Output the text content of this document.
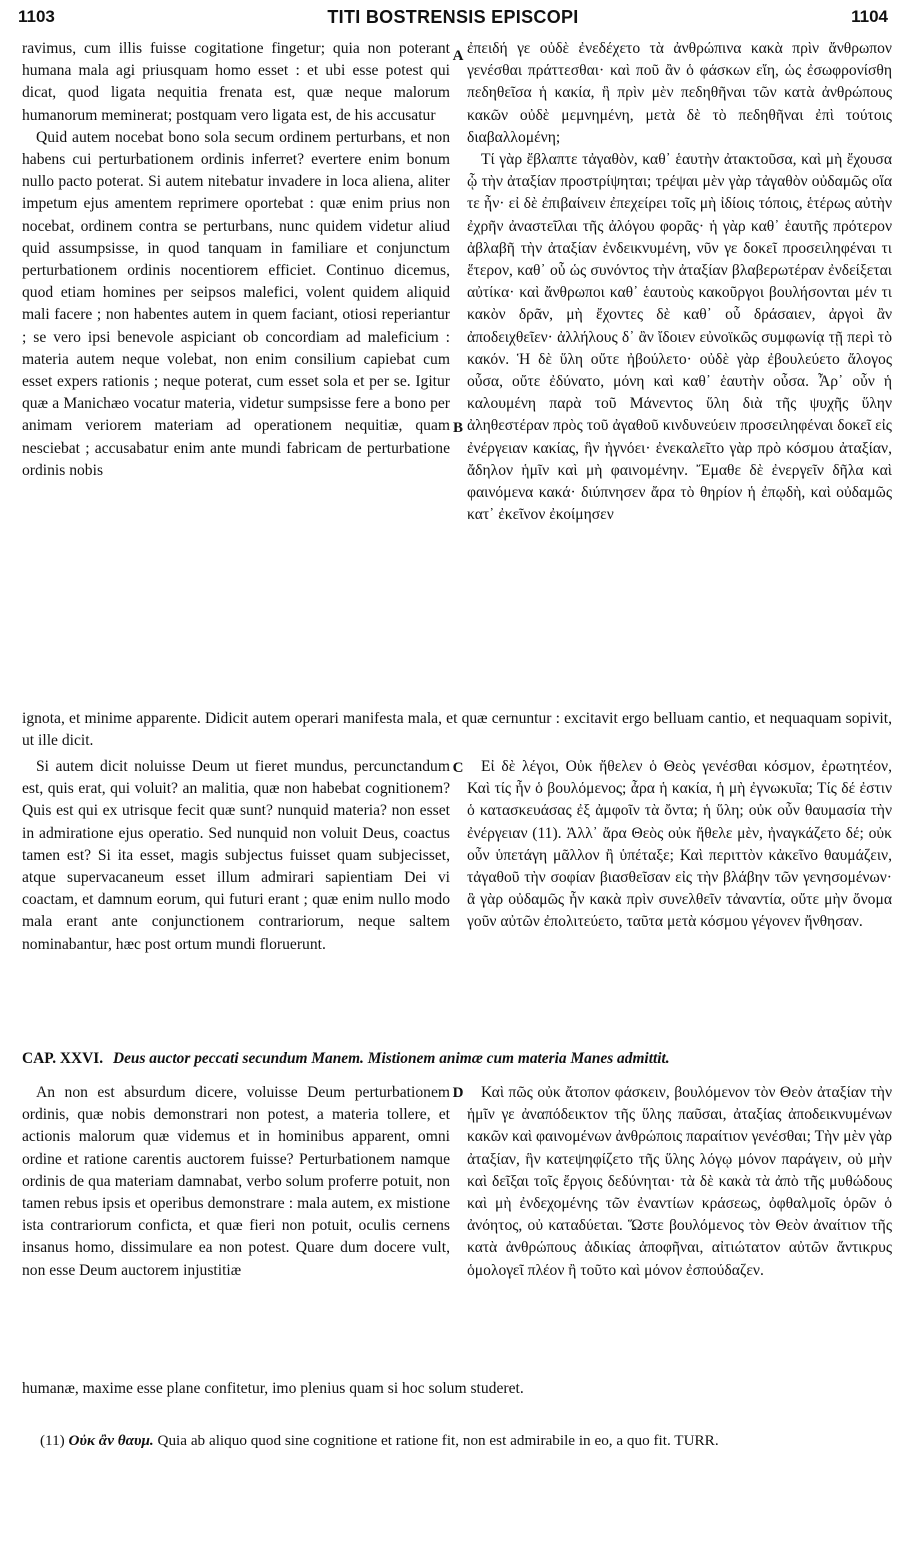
1103	TITI BOSTRENSIS EPISCOPI	1104
A
B
C
D

ravimus, cum illis fuisse cogitatione fingetur; quia non poterant humana mala agi priusquam homo esset : et ubi esse potest qui dicat, quod ligata nequitia frenata est, quæ neque malorum humanorum meminerat; postquam vero ligata est, de his accusatur

Quid autem nocebat bono sola secum ordinem perturbans, et non habens cui perturbationem ordinis inferret? evertere enim bonum nullo pacto poterat. Si autem nitebatur invadere in loca aliena, aliter impetum ejus amentem reprimere oportebat : quæ enim prius non nocebat, ordinem contra se perturbans, nunc quidem videtur aliud quid assumpsisse, in quod tanquam in familiare et conjunctum perturbationem ordinis nocentiorem efficiet. Continuo dicemus, quod etiam homines per seipsos malefici, volent quidem aliquid mali facere ; non habentes autem in quem faciant, otiosi reperiantur ; se vero ipsi benevole aspiciant ob concordiam ad maleficium : materia autem neque volebat, non enim consilium capiebat cum esset expers rationis ; neque poterat, cum esset sola et per se. Igitur quæ a Manichæo vocatur materia, videtur sumpsisse fere a bono per animam veriorem materiam ad operationem nequitiæ, quam nesciebat ; accusabatur enim ante mundi fabricam de perturbatione ordinis nobis

ἐπειδή γε οὐδὲ ἐνεδέχετο τὰ ἀνθρώπινα κακὰ πρὶν ἄνθρωπον γενέσθαι πράττεσθαι· καὶ ποῦ ἂν ὁ φάσκων εἴη, ὡς ἐσωφρονίσθη πεδηθεῖσα ἡ κακία, ἣ πρὶν μὲν πεδηθῆναι τῶν κατὰ ἀνθρώπους κακῶν οὐδὲ μεμνημένη, μετὰ δὲ τὸ πεδηθῆναι ἐπὶ τούτοις διαβαλλομένη;

Τί γὰρ ἔβλαπτε τἀγαθὸν, καθ᾽ ἑαυτὴν ἀτακτοῦσα, καὶ μὴ ἔχουσα ᾧ τὴν ἀταξίαν προστρίψηται; τρέψαι μὲν γὰρ τἀγαθὸν οὐδαμῶς οἵα τε ἦν· εἰ δὲ ἐπιβαίνειν ἐπεχείρει τοῖς μὴ ἰδίοις τόποις, ἑτέρως αὐτὴν ἐχρῆν ἀναστεῖλαι τῆς ἀλόγου φορᾶς· ἡ γὰρ καθ᾽ ἑαυτῆς πρότερον ἀβλαβῆ τὴν ἀταξίαν ἐνδεικνυμένη, νῦν γε δοκεῖ προσειληφέναι τι ἕτερον, καθ᾽ οὗ ὡς συνόντος τὴν ἀταξίαν βλαβερωτέραν ἐνδείξεται αὐτίκα· καὶ ἄνθρωποι καθ᾽ ἑαυτοὺς κακοῦργοι βουλήσονται μέν τι κακὸν δρᾶν, μὴ ἔχοντες δὲ καθ᾽ οὗ δράσαιεν, ἀργοὶ ἂν ἀποδειχθεῖεν· ἀλλήλους δ᾽ ἂν ἴδοιεν εὐνοϊκῶς συμφωνίᾳ τῇ περὶ τὸ κακόν. Ἡ δὲ ὕλη οὔτε ἠβούλετο· οὐδὲ γὰρ ἐβουλεύετο ἄλογος οὖσα, οὔτε ἐδύνατο, μόνη καὶ καθ᾽ ἑαυτὴν οὖσα. Ἆρ᾽ οὖν ἡ καλουμένη παρὰ τοῦ Μάνεντος ὕλη διὰ τῆς ψυχῆς ὕλην ἀληθεστέραν πρὸς τοῦ ἀγαθοῦ κινδυνεύειν προσειληφέναι δοκεῖ εἰς ἐνέργειαν κακίας, ἣν ἠγνόει· ἐνεκαλεῖτο γὰρ πρὸ κόσμου ἀταξίαν, ἄδηλον ἡμῖν καὶ μὴ φαινομένην. Ἔμαθε δὲ ἐνεργεῖν δῆλα καὶ φαινόμενα κακά· διύπνησεν ἄρα τὸ θηρίον ἡ ἐπῳδὴ, καὶ οὐδαμῶς κατ᾽ ἐκεῖνον ἐκοίμησεν

ignota, et minime apparente. Didicit autem operari manifesta mala, et quæ cernuntur : excitavit ergo belluam cantio, et nequaquam sopivit, ut ille dicit.

Si autem dicit noluisse Deum ut fieret mundus, percunctandum est, quis erat, qui voluit? an malitia, quæ non habebat cognitionem? Quis est qui ex utrisque fecit quæ sunt? nunquid materia? non esset in admiratione ejus operatio. Sed nunquid non voluit Deus, coactus tamen est? Si ita esset, magis subjectus fuisset quam subjecisset, atque supervacaneum esset illum admirari sapientiam Dei vi coactam, et damnum eorum, qui futuri erant ; quæ enim nullo modo mala erant ante conjunctionem contrariorum, neque saltem nominabantur, hæc post ortum mundi floruerunt.

Εἰ δὲ λέγοι, Οὐκ ἤθελεν ὁ Θεὸς γενέσθαι κόσμον, ἐρωτητέον, Καὶ τίς ἦν ὁ βουλόμενος; ἆρα ἡ κακία, ἡ μὴ ἐγνωκυῖα; Τίς δέ ἐστιν ὁ κατασκευάσας ἐξ ἀμφοῖν τὰ ὄντα; ἡ ὕλη; οὐκ οὖν θαυμασία τὴν ἐνέργειαν (11). Ἀλλ᾽ ἄρα Θεὸς οὐκ ἤθελε μὲν, ἠναγκάζετο δέ; οὐκ οὖν ὑπετάγη μᾶλλον ἢ ὑπέταξε; Καὶ περιττὸν κἀκεῖνο θαυμάζειν, τἀγαθοῦ τὴν σοφίαν βιασθεῖσαν εἰς τὴν βλάβην τῶν γενησομένων· ἃ γὰρ οὐδαμῶς ἦν κακὰ πρὶν συνελθεῖν τἀναντία, οὔτε μὴν ὄνομα γοῦν αὐτῶν ἐπολιτεύετο, ταῦτα μετὰ κόσμου γέγονεν ἤνθησαν.

CAP. XXVI. Deus auctor peccati secundum Manem. Mistionem animæ cum materia Manes admittit.

An non est absurdum dicere, voluisse Deum perturbationem ordinis, quæ nobis demonstrari non potest, a materia tollere, et actionis malorum quæ videmus et in hominibus apparent, omni ordine et ratione carentis auctorem fuisse? Perturbationem namque ordinis de qua materiam damnabat, verbo solum proferre potuit, non tamen rebus ipsis et operibus demonstrare : mala autem, ex mistione ista contrariorum conficta, et quæ fieri non potuit, oculis cernens insanus homo, dissimulare ea non potest. Quare dum docere vult, non esse Deum auctorem injustitiæ

Καὶ πῶς οὐκ ἄτοπον φάσκειν, βουλόμενον τὸν Θεὸν ἀταξίαν τὴν ἡμῖν γε ἀναπόδεικτον τῆς ὕλης παῦσαι, ἀταξίας ἀποδεικνυμένων κακῶν καὶ φαινομένων ἀνθρώποις παραίτιον γενέσθαι; Τὴν μὲν γὰρ ἀταξίαν, ἣν κατεψηφίζετο τῆς ὕλης λόγῳ μόνον παράγειν, οὐ μὴν καὶ δεῖξαι τοῖς ἔργοις δεδύνηται· τὰ δὲ κακὰ τὰ ἀπὸ τῆς μυθώδους καὶ μὴ ἐνδεχομένης τῶν ἐναντίων κράσεως, ὀφθαλμοῖς ὁρῶν ὁ ἀνόητος, οὐ καταδύεται. Ὥστε βουλόμενος τὸν Θεὸν ἀναίτιον τῆς κατὰ ἀνθρώπους ἀδικίας ἀποφῆναι, αἰτιώτατον αὐτῶν ἄντικρυς ὁμολογεῖ πλέον ἢ τοῦτο καὶ μόνον ἐσπούδαζεν.

humanæ, maxime esse plane confitetur, imo plenius quam si hoc solum studeret.
(11) Οὐκ ἂν θαυμ. Quia ab aliquo quod sine cognitione et ratione fit, non est admirabile in eo, a quo fit. TURR.
